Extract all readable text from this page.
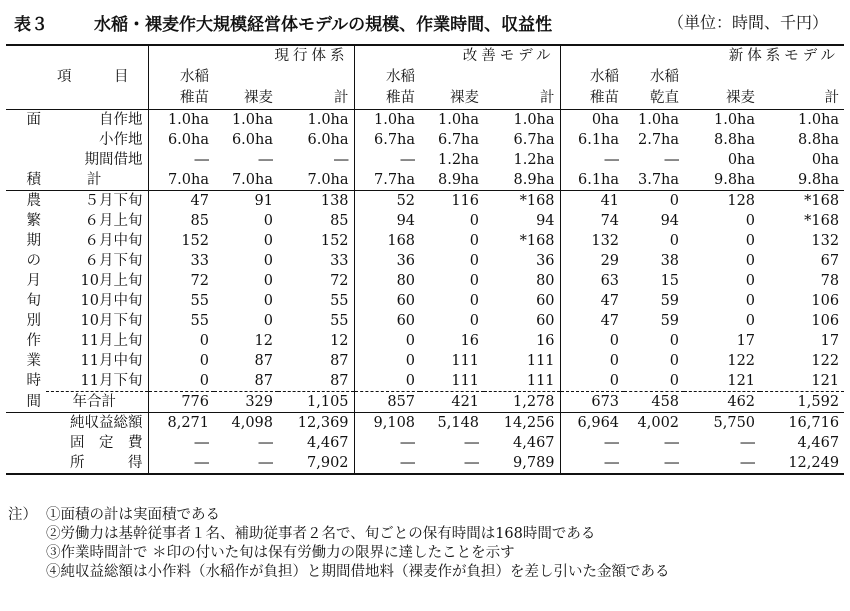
表３	水稲・裸麦作大規模経営体モデルの規模、作業時間、収益性	（単位：時間、千円）
項　目		現行体系			改善モデル			新体系モデル			
		水稲			水稲			水稲	水稲		
		稚苗	裸麦	計	稚苗	裸麦	計	稚苗	乾直	裸麦	計
面	自作地	1.0ha	1.0ha	1.0ha	1.0ha	1.0ha	1.0ha	0ha	1.0ha	1.0ha	1.0ha
	小作地	6.0ha	6.0ha	6.0ha	6.7ha	6.7ha	6.7ha	6.1ha	2.7ha	8.8ha	8.8ha
	期間借地	―	―	―	―	1.2ha	1.2ha	―	―	0ha	0ha
積	計	7.0ha	7.0ha	7.0ha	7.7ha	8.9ha	8.9ha	6.1ha	3.7ha	9.8ha	9.8ha
農	５月下旬	47	91	138	52	116	*168	41	0	128	*168
繁	６月上旬	85	0	85	94	0	94	74	94	0	*168
期	６月中旬	152	0	152	168	0	*168	132	0	0	132
の	６月下旬	33	0	33	36	0	36	29	38	0	67
月	10月上旬	72	0	72	80	0	80	63	15	0	78
旬	10月中旬	55	0	55	60	0	60	47	59	0	106
別	10月下旬	55	0	55	60	0	60	47	59	0	106
作	11月上旬	0	12	12	0	16	16	0	0	17	17
業	11月中旬	0	87	87	0	111	111	0	0	122	122
時	11月下旬	0	87	87	0	111	111	0	0	121	121
間	年合計	776	329	1,105	857	421	1,278	673	458	462	1,592
純収益総額		8,271	4,098	12,369	9,108	5,148	14,256	6,964	4,002	5,750	16,716
固　定　費		―	―	4,467	―	―	4,467	―	―	―	4,467
所　　　得		―	―	7,902	―	―	9,789	―	―	―	12,249
注） ①面積の計は実面積である
②労働力は基幹従事者１名、補助従事者２名で、旬ごとの保有時間は168時間である
③作業時間計で ＊印の付いた旬は保有労働力の限界に達したことを示す
④純収益総額は小作料（水稲作が負担）と期間借地料（裸麦作が負担）を差し引いた金額である
